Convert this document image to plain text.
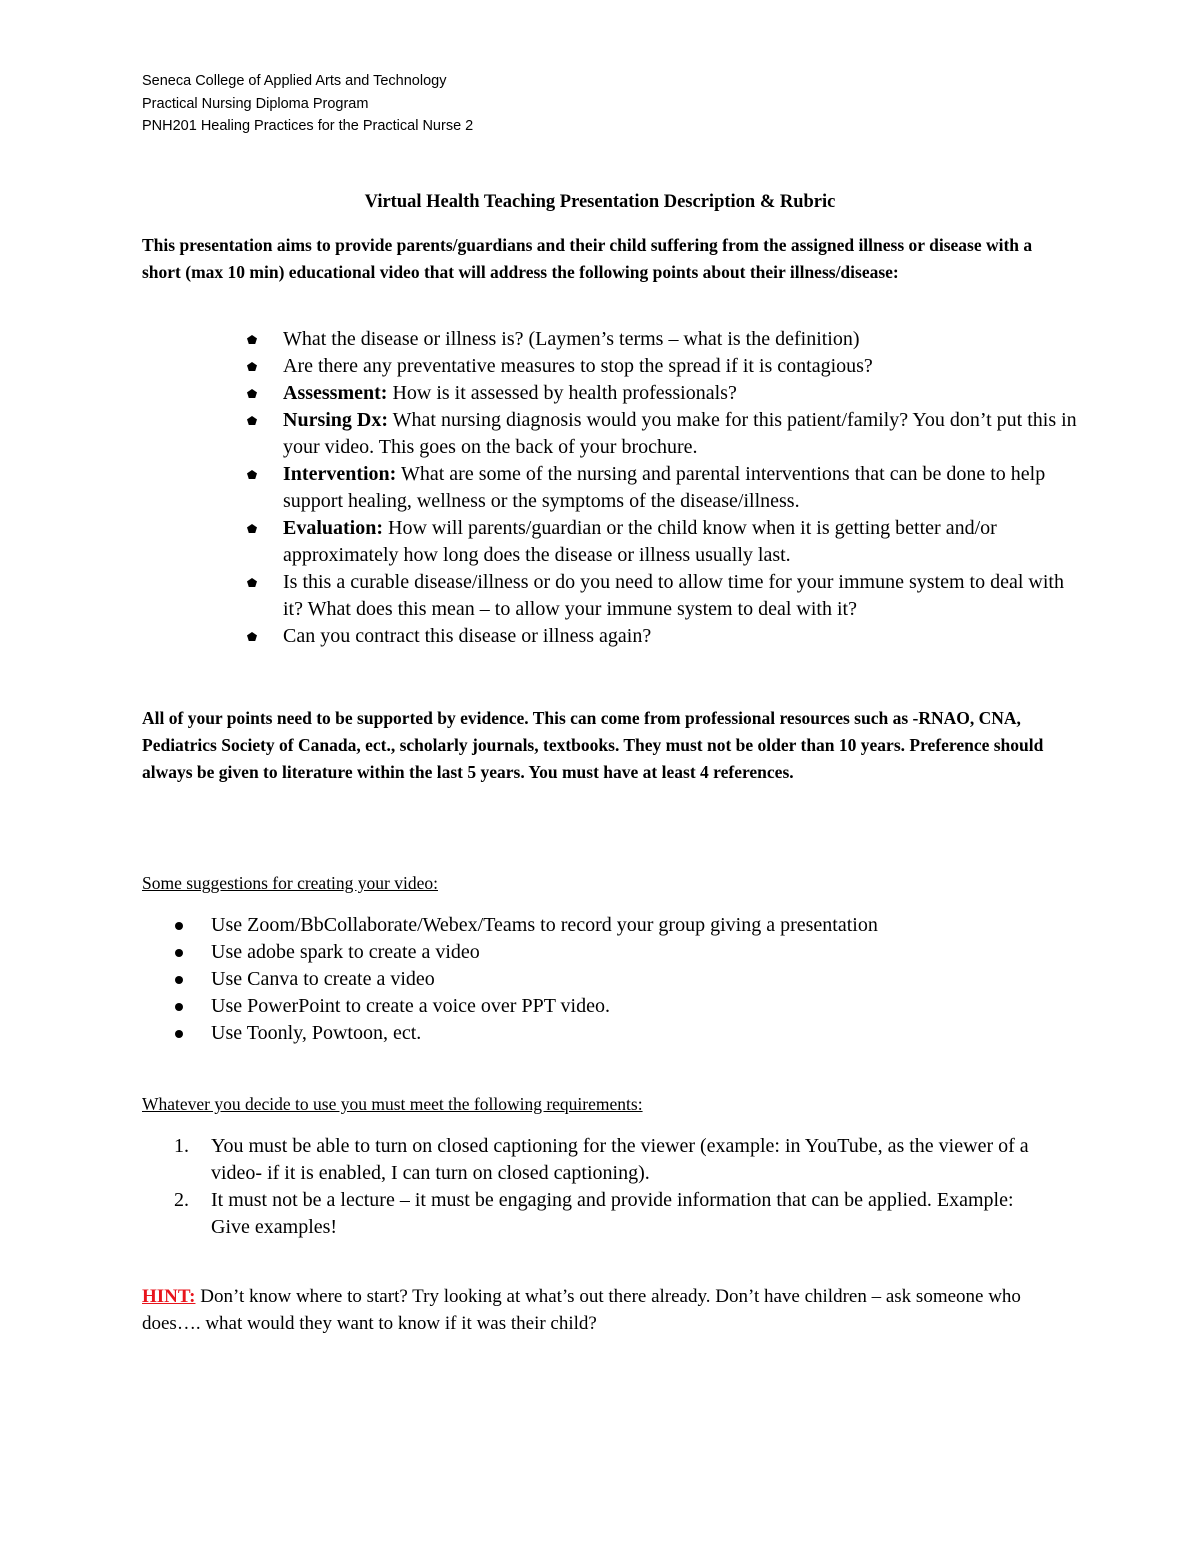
Seneca College of Applied Arts and Technology
Practical Nursing Diploma Program
PNH201 Healing Practices for the Practical Nurse 2
Virtual Health Teaching Presentation Description & Rubric
This presentation aims to provide parents/guardians and their child suffering from the assigned illness or disease with a short (max 10 min) educational video that will address the following points about their illness/disease:
What the disease or illness is? (Laymen’s terms – what is the definition)
Are there any preventative measures to stop the spread if it is contagious?
Assessment: How is it assessed by health professionals?
Nursing Dx: What nursing diagnosis would you make for this patient/family? You don’t put this in your video. This goes on the back of your brochure.
Intervention: What are some of the nursing and parental interventions that can be done to help support healing, wellness or the symptoms of the disease/illness.
Evaluation: How will parents/guardian or the child know when it is getting better and/or approximately how long does the disease or illness usually last.
Is this a curable disease/illness or do you need to allow time for your immune system to deal with it? What does this mean – to allow your immune system to deal with it?
Can you contract this disease or illness again?
All of your points need to be supported by evidence. This can come from professional resources such as -RNAO, CNA, Pediatrics Society of Canada, ect., scholarly journals, textbooks. They must not be older than 10 years. Preference should always be given to literature within the last 5 years. You must have at least 4 references.
Some suggestions for creating your video:
Use Zoom/BbCollaborate/Webex/Teams to record your group giving a presentation
Use adobe spark to create a video
Use Canva to create a video
Use PowerPoint to create a voice over PPT video.
Use Toonly, Powtoon, ect.
Whatever you decide to use you must meet the following requirements:
1. You must be able to turn on closed captioning for the viewer (example: in YouTube, as the viewer of a video- if it is enabled, I can turn on closed captioning).
2. It must not be a lecture – it must be engaging and provide information that can be applied. Example: Give examples!
HINT: Don’t know where to start? Try looking at what’s out there already. Don’t have children – ask someone who does…. what would they want to know if it was their child?
